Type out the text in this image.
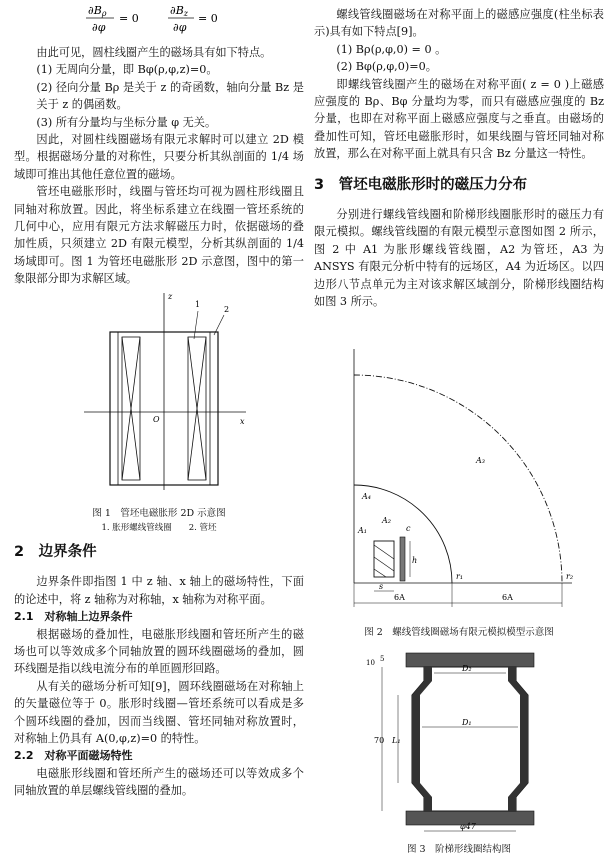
∂Bρ
∂φ
= 0
∂Bz
∂φ
= 0

由此可见，圆柱线圈产生的磁场具有如下特点。

(1) 无周向分量，即 Bφ(ρ,φ,z)=0。

(2) 径向分量 Bρ 是关于 z 的奇函数，轴向分量 Bz 是关于 z 的偶函数。

(3) 所有分量均与坐标分量 φ 无关。

因此，对圆柱线圈磁场有限元求解时可以建立 2D 模型。根据磁场分量的对称性，只要分析其纵剖面的 1/4 场域即可推出其他任意位置的磁场。

管坯电磁胀形时，线圈与管坯均可视为圆柱形线圈且同轴对称放置。因此，将坐标系建立在线圈一管坯系统的几何中心，应用有限元方法求解磁压力时，依据磁场的叠加性质，只须建立 2D 有限元模型，分析其纵剖面的 1/4 场域即可。图 1 为管坯电磁胀形 2D 示意图，图中的第一象限部分即为求解区域。

z
x
O
1
2

图 1　管坯电磁胀形 2D 示意图

1. 胀形螺线管线圈　　2. 管坯

2　边界条件

边界条件即指图 1 中 z 轴、x 轴上的磁场特性，下面的论述中，将 z 轴称为对称轴，x 轴称为对称平面。

2.1　对称轴上边界条件

根据磁场的叠加性，电磁胀形线圈和管坯所产生的磁场也可以等效成多个同轴放置的圆环线圈磁场的叠加，圆环线圈是指以线电流分布的单匝圆形回路。

从有关的磁场分析可知[9]，圆环线圈磁场在对称轴上的矢量磁位等于 0。胀形时线圈—管坯系统可以看成是多个圆环线圈的叠加，因而当线圈、管坯同轴对称放置时，对称轴上仍具有 A(0,φ,z)=0 的特性。

2.2　对称平面磁场特性

电磁胀形线圈和管坯所产生的磁场还可以等效成多个同轴放置的单层螺线管线圈的叠加。

螺线管线圈磁场在对称平面上的磁感应强度(柱坐标表示)具有如下特点[9]。

(1) Bρ(ρ,φ,0) = 0 。

(2) Bφ(ρ,φ,0)=0。

即螺线管线圈产生的磁场在对称平面( z = 0 )上磁感应强度的 Bρ、Bφ 分量均为零，而只有磁感应强度的 Bz 分量，也即在对称平面上磁感应强度与之垂直。由磁场的叠加性可知，管坯电磁胀形时，如果线圈与管坯同轴对称放置，那么在对称平面上就具有只含 Bz 分量这一特性。

3　管坯电磁胀形时的磁压力分布

分别进行螺线管线圈和阶梯形线圈胀形时的磁压力有限元模拟。螺线管线圈的有限元模型示意图如图 2 所示，图 2 中 A1 为胀形螺线管线圈，A2 为管坯，A3 为 ANSYS 有限元分析中特有的远场区，A4 为近场区。以四边形八节点单元为主对该求解区域剖分，阶梯形线圈结构如图 3 所示。

h
s
c
6A	6A
A₃
A₄
A₁
A₂
r₁	r₂

图 2　螺线管线圈磁场有限元模拟模型示意图

D₂
D₁
L₁
70
10 5
φ47

图 3　阶梯形线圈结构图
